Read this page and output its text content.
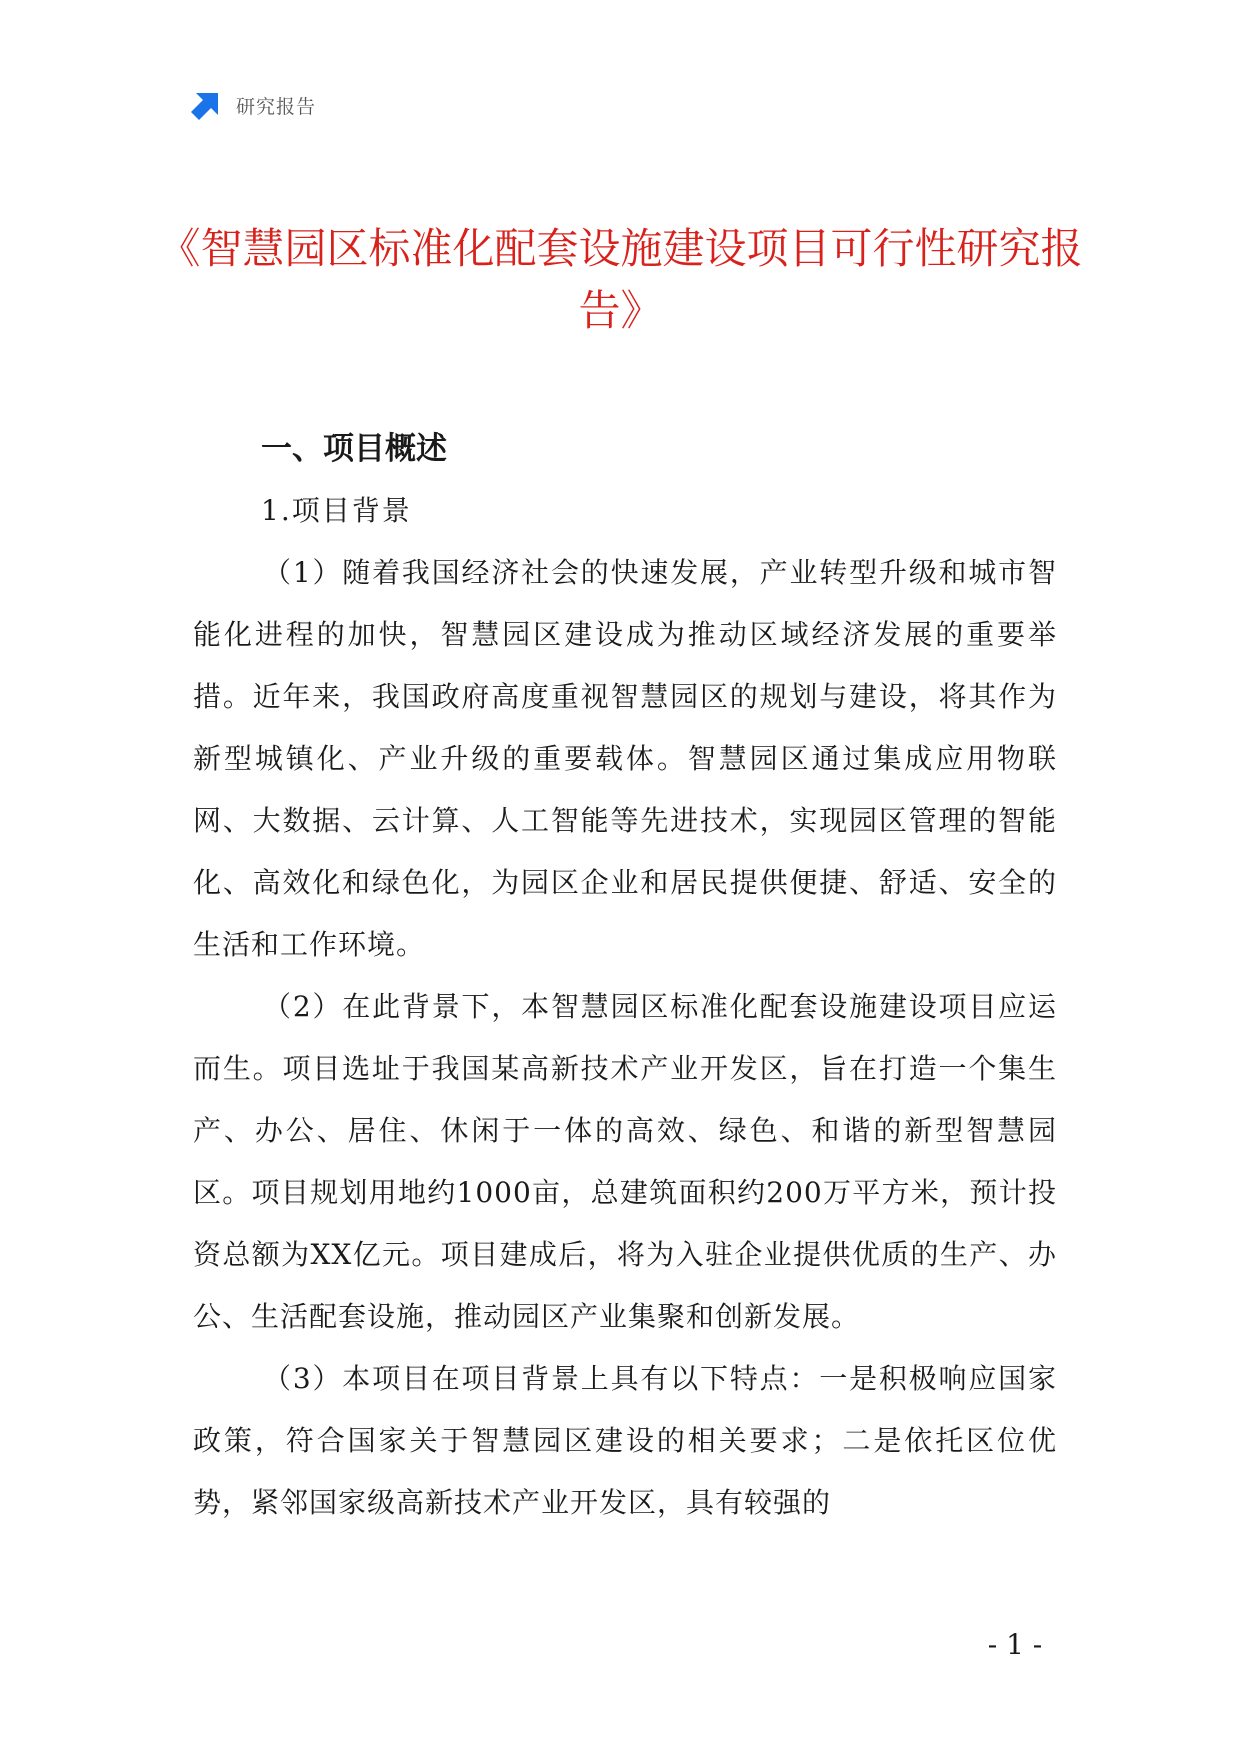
研究报告
《智慧园区标准化配套设施建设项目可行性研究报告》

一、项目概述

1.项目背景

（1）随着我国经济社会的快速发展，产业转型升级和城市智能化进程的加快，智慧园区建设成为推动区域经济发展的重要举措。近年来，我国政府高度重视智慧园区的规划与建设，将其作为新型城镇化、产业升级的重要载体。智慧园区通过集成应用物联网、大数据、云计算、人工智能等先进技术，实现园区管理的智能化、高效化和绿色化，为园区企业和居民提供便捷、舒适、安全的生活和工作环境。

（2）在此背景下，本智慧园区标准化配套设施建设项目应运而生。项目选址于我国某高新技术产业开发区，旨在打造一个集生产、办公、居住、休闲于一体的高效、绿色、和谐的新型智慧园区。项目规划用地约1000亩，总建筑面积约200万平方米，预计投资总额为XX亿元。项目建成后，将为入驻企业提供优质的生产、办公、生活配套设施，推动园区产业集聚和创新发展。

（3）本项目在项目背景上具有以下特点：一是积极响应国家政策，符合国家关于智慧园区建设的相关要求；二是依托区位优势，紧邻国家级高新技术产业开发区，具有较强的

- 1 -
